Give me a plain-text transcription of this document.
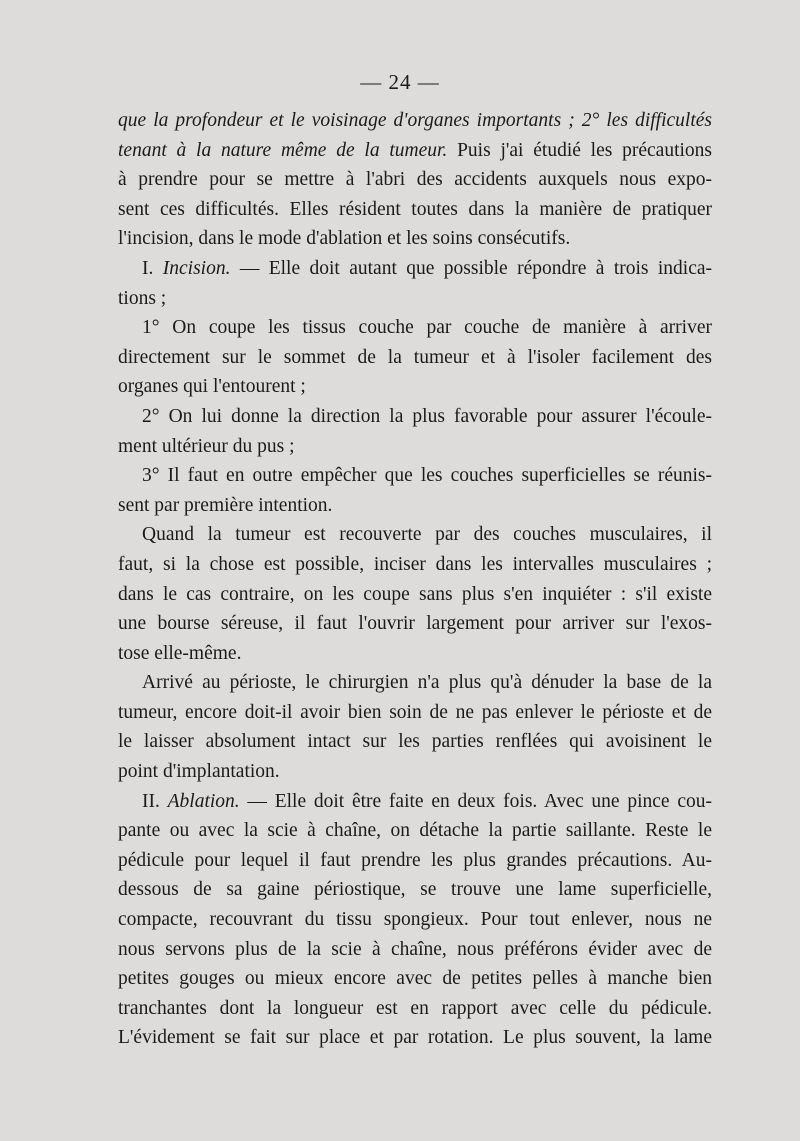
— 24 —
que la profondeur et le voisinage d'organes importants ; 2° les difficultés
tenant à la nature même de la tumeur. Puis j'ai étudié les précautions
à prendre pour se mettre à l'abri des accidents auxquels nous expo-
sent ces difficultés. Elles résident toutes dans la manière de pratiquer
l'incision, dans le mode d'ablation et les soins consécutifs.
I. Incision. — Elle doit autant que possible répondre à trois indica-
tions ;
1° On coupe les tissus couche par couche de manière à arriver
directement sur le sommet de la tumeur et à l'isoler facilement des
organes qui l'entourent ;
2° On lui donne la direction la plus favorable pour assurer l'écoule-
ment ultérieur du pus ;
3° Il faut en outre empêcher que les couches superficielles se réunis-
sent par première intention.
Quand la tumeur est recouverte par des couches musculaires, il
faut, si la chose est possible, inciser dans les intervalles musculaires ;
dans le cas contraire, on les coupe sans plus s'en inquiéter : s'il existe
une bourse séreuse, il faut l'ouvrir largement pour arriver sur l'exos-
tose elle-même.
Arrivé au périoste, le chirurgien n'a plus qu'à dénuder la base de la
tumeur, encore doit-il avoir bien soin de ne pas enlever le périoste et de
le laisser absolument intact sur les parties renflées qui avoisinent le
point d'implantation.
II. Ablation. — Elle doit être faite en deux fois. Avec une pince cou-
pante ou avec la scie à chaîne, on détache la partie saillante. Reste le
pédicule pour lequel il faut prendre les plus grandes précautions. Au-
dessous de sa gaine périostique, se trouve une lame superficielle,
compacte, recouvrant du tissu spongieux. Pour tout enlever, nous ne
nous servons plus de la scie à chaîne, nous préférons évider avec de
petites gouges ou mieux encore avec de petites pelles à manche bien
tranchantes dont la longueur est en rapport avec celle du pédicule.
L'évidement se fait sur place et par rotation. Le plus souvent, la lame
